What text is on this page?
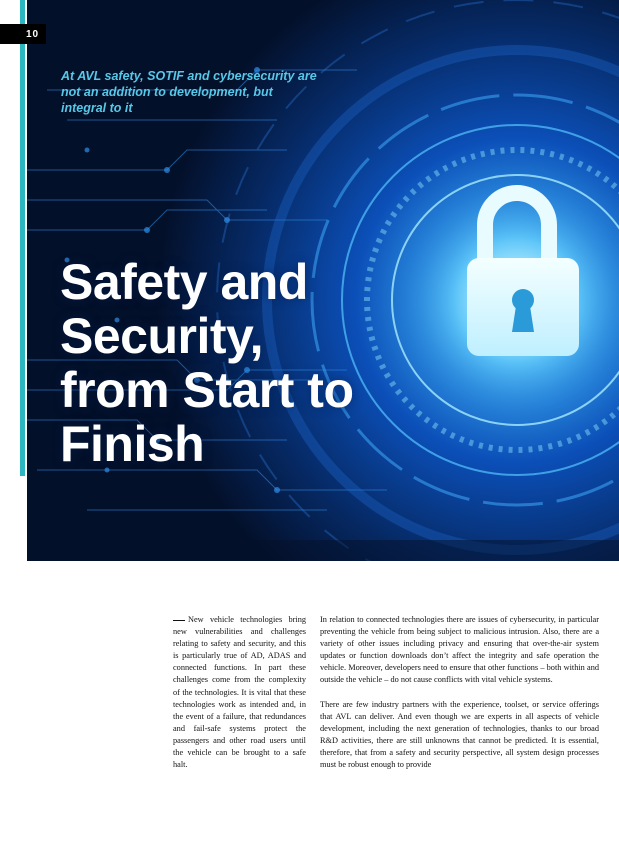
10
At AVL safety, SOTIF and cybersecurity are not an addition to development, but integral to it
Safety and Security, from Start to Finish
New vehicle technologies bring new vulnerabilities and challenges relating to safety and security, and this is particularly true of AD, ADAS and connected functions. In part these challenges come from the complexity of the technologies. It is vital that these technologies work as intended and, in the event of a failure, that redundances and fail-safe systems protect the passengers and other road users until the vehicle can be brought to a safe halt.

In relation to connected technologies there are issues of cybersecurity, in particular preventing the vehicle from being subject to malicious intrusion. Also, there are a variety of other issues including privacy and ensuring that over-the-air system updates or function downloads don’t affect the integrity and safe operation the vehicle. Moreover, developers need to ensure that other functions – both within and outside the vehicle – do not cause conflicts with vital vehicle systems.

There are few industry partners with the experience, toolset, or service offerings that AVL can deliver. And even though we are experts in all aspects of vehicle development, including the next generation of technologies, thanks to our broad R&D activities, there are still unknowns that cannot be predicted. It is essential, therefore, that from a safety and security perspective, all system design processes must be robust enough to provide
